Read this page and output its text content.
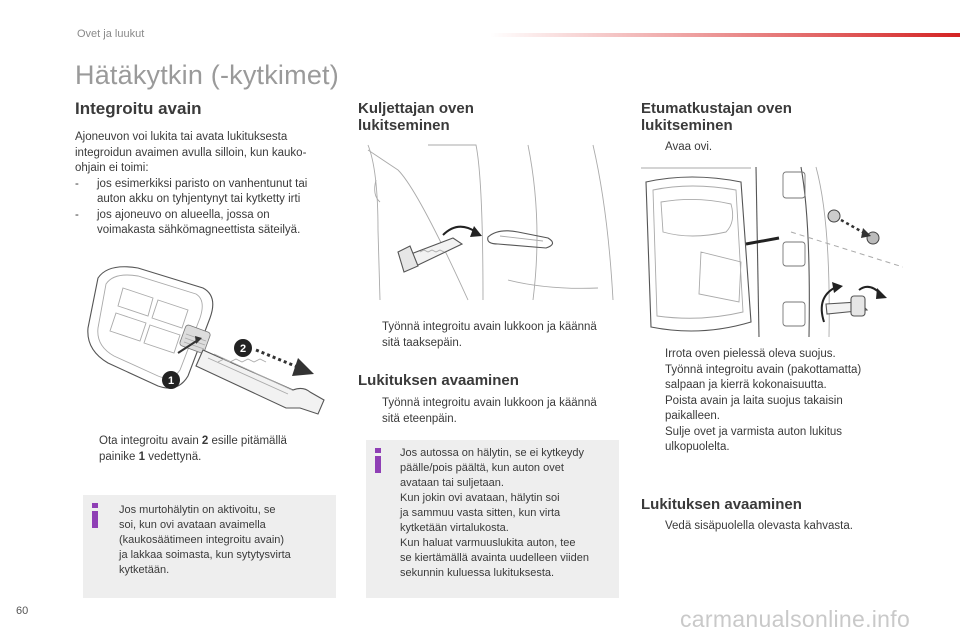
Ovet ja luukut
Hätäkytkin (-kytkimet)
Integroitu avain
Ajoneuvon voi lukita tai avata lukituksesta
integroidun avaimen avulla silloin, kun kauko-
ohjain ei toimi:
- jos esimerkiksi paristo on vanhentunut tai
auton akku on tyhjentynyt tai kytketty irti
- jos ajoneuvo on alueella, jossa on
voimakasta sähkömagneettista säteilyä.
1
2
Ota integroitu avain 2 esille pitämällä
painike 1 vedettynä.
Jos murtohälytin on aktivoitu, se
soi, kun ovi avataan avaimella
(kaukosäätimeen integroitu avain)
ja lakkaa soimasta, kun sytytysvirta
kytketään.
Kuljettajan oven
lukitseminen
Työnnä integroitu avain lukkoon ja käännä
sitä taaksepäin.
Lukituksen avaaminen
Työnnä integroitu avain lukkoon ja käännä
sitä eteenpäin.
Jos autossa on hälytin, se ei kytkeydy
päälle/pois päältä, kun auton ovet
avataan tai suljetaan.
Kun jokin ovi avataan, hälytin soi
ja sammuu vasta sitten, kun virta
kytketään virtalukosta.
Kun haluat varmuuslukita auton, tee
se kiertämällä avainta uudelleen viiden
sekunnin kuluessa lukituksesta.
Etumatkustajan oven
lukitseminen
Avaa ovi.
Irrota oven pielessä oleva suojus.
Työnnä integroitu avain (pakottamatta)
salpaan ja kierrä kokonaisuutta.
Poista avain ja laita suojus takaisin
paikalleen.
Sulje ovet ja varmista auton lukitus
ulkopuolelta.
Lukituksen avaaminen
Vedä sisäpuolella olevasta kahvasta.
60	carmanualsonline.info
